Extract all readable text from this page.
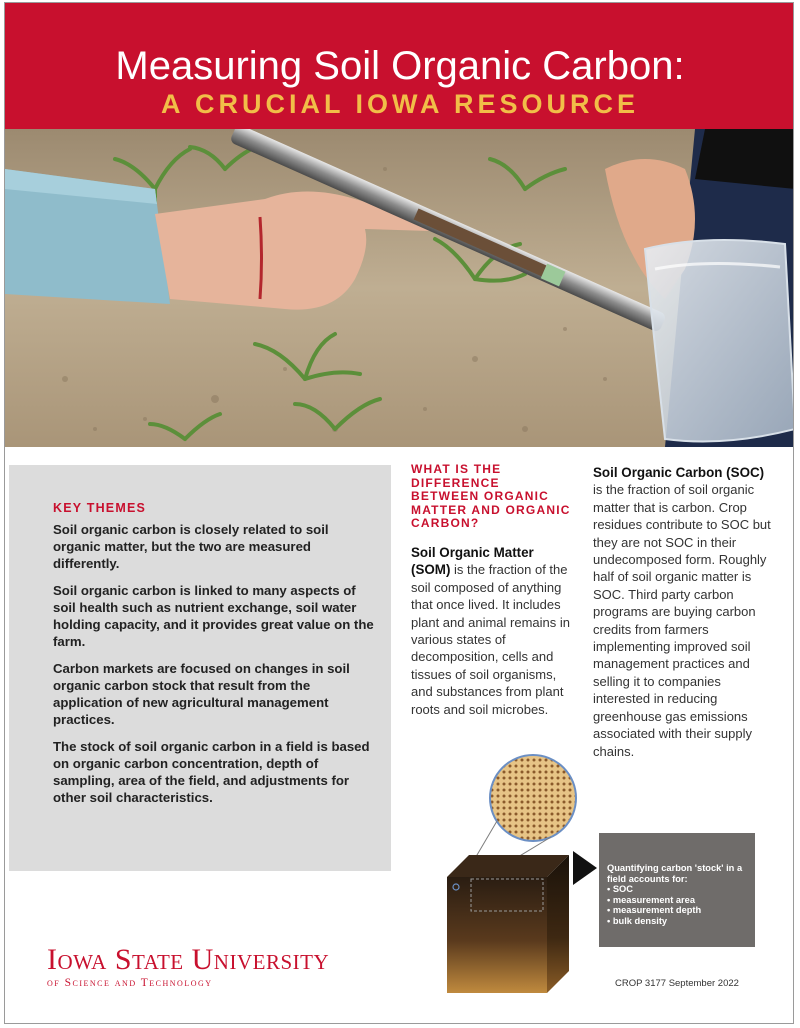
Measuring Soil Organic Carbon:
A CRUCIAL IOWA RESOURCE
KEY THEMES

Soil organic carbon is closely related to soil organic matter, but the two are measured differently.

Soil organic carbon is linked to many aspects of soil health such as nutrient exchange, soil water holding capacity, and it provides great value on the farm.

Carbon markets are focused on changes in soil organic carbon stock that result from the application of new agricultural management practices.

The stock of soil organic carbon in a field is based on organic carbon concentration, depth of sampling, area of the field, and adjustments for other soil characteristics.

WHAT IS THE DIFFERENCE BETWEEN ORGANIC MATTER AND ORGANIC CARBON?

Soil Organic Matter (SOM) is the fraction of the soil composed of anything that once lived. It includes plant and animal remains in various states of decomposition, cells and tissues of soil organisms, and substances from plant roots and soil microbes.

Soil Organic Carbon (SOC) is the fraction of soil organic matter that is carbon. Crop residues contribute to SOC but they are not SOC in their undecomposed form. Roughly half of soil organic matter is SOC. Third party carbon programs are buying carbon credits from farmers implementing improved soil management practices and selling it to companies interested in reducing greenhouse gas emissions associated with their supply chains.

Quantifying carbon 'stock' in a field accounts for:
• SOC
• measurement area
• measurement depth
• bulk density
Iowa State University
of Science and Technology	CROP 3177 September 2022
